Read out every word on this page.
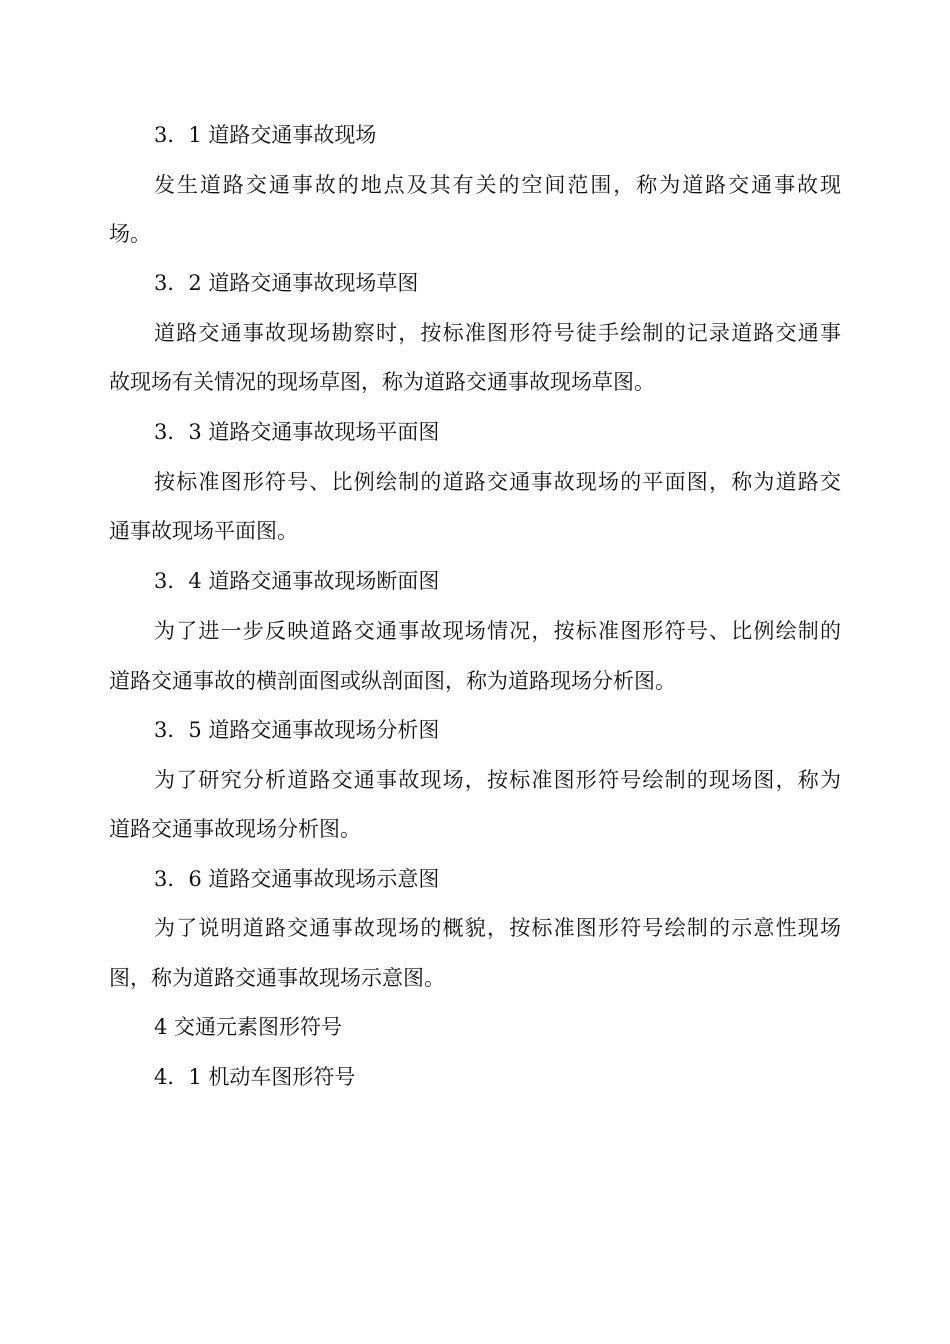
3．1 道路交通事故现场
发生道路交通事故的地点及其有关的空间范围，称为道路交通事故现
场。
3．2 道路交通事故现场草图
道路交通事故现场勘察时，按标准图形符号徒手绘制的记录道路交通事
故现场有关情况的现场草图，称为道路交通事故现场草图。
3．3 道路交通事故现场平面图
按标准图形符号、比例绘制的道路交通事故现场的平面图，称为道路交
通事故现场平面图。
3．4 道路交通事故现场断面图
为了进一步反映道路交通事故现场情况，按标准图形符号、比例绘制的
道路交通事故的横剖面图或纵剖面图，称为道路现场分析图。
3．5 道路交通事故现场分析图
为了研究分析道路交通事故现场，按标准图形符号绘制的现场图，称为
道路交通事故现场分析图。
3．6 道路交通事故现场示意图
为了说明道路交通事故现场的概貌，按标准图形符号绘制的示意性现场
图，称为道路交通事故现场示意图。
4 交通元素图形符号
4．1 机动车图形符号
